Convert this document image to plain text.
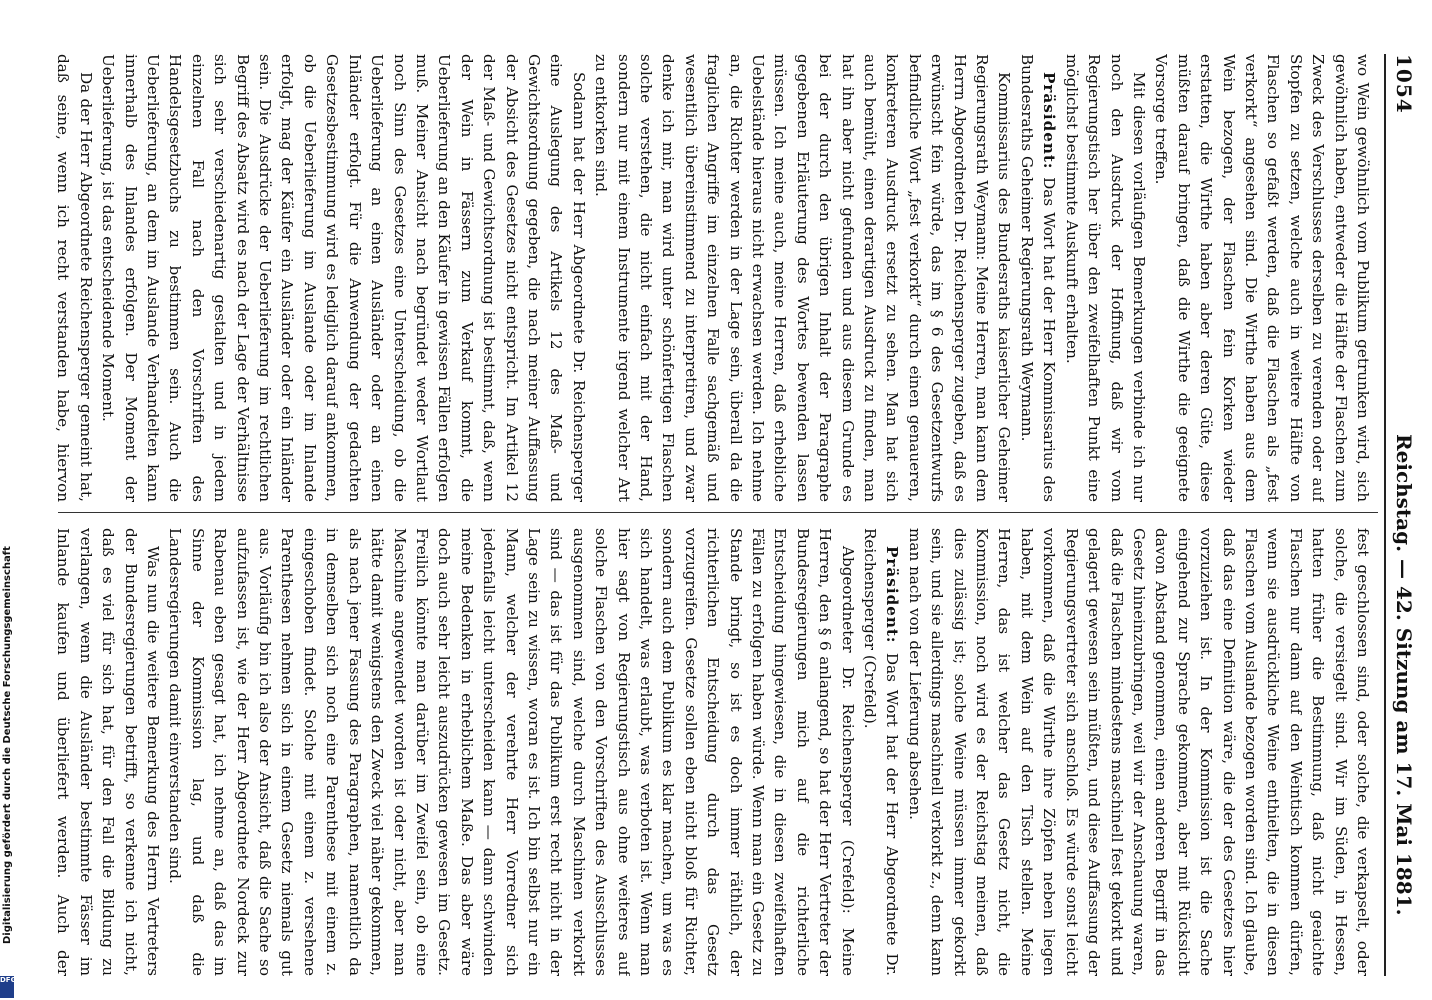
Digitalisierung gefördert durch die Deutsche Forschungsgemeinschaft
DFG
1054
Reichstag. — 42. Sitzung am 17. Mai 1881.

wo Wein gewöhnlich vom Publikum getrunken wird, sich gewöhnlich haben, entweder die Hälfte der Flaschen zum Zweck des Verschlusses derselben zu verenden oder auf Stopfen zu setzen, welche auch in weitere Hälfte von Flaschen so gefaßt werden, daß die Flaschen als „fest verkorkt“ angesehen sind. Die Wirthe haben aus dem Wein bezogen, der Flaschen fein Korken wieder erstatten, die Wirthe haben aber deren Güte, diese müßten darauf bringen, daß die Wirthe die geeignete Vorsorge treffen.

Mit diesen vorläufigen Bemerkungen verbinde ich nur noch den Ausdruck der Hoffnung, daß wir vom Regierungstisch her über den zweifelhaften Punkt eine möglichst bestimmte Auskunft erhalten.

Präsident: Das Wort hat der Herr Kommissarius des Bundesraths Geheimer Regierungsrath Weymann.

Kommissarius des Bundesraths kaiserlicher Geheimer Regierungsrath Weymann: Meine Herren, man kann dem Herrn Abgeordneten Dr. Reichensperger zugeben, daß es erwünscht fein würde, das im § 6 des Gesetzentwurfs befindliche Wort „fest verkorkt“ durch einen genaueren, konkreteren Ausdruck ersetzt zu sehen. Man hat sich auch bemüht, einen derartigen Ausdruck zu finden, man hat ihn aber nicht gefunden und aus diesem Grunde es bei der durch den übrigen Inhalt der Paragraphe gegebenen Erläuterung des Wortes bewenden lassen müssen. Ich meine auch, meine Herren, daß erhebliche Uebelstände hieraus nicht erwachsen werden. Ich nehme an, die Richter werden in der Lage sein, überall da die fraglichen Angriffe im einzelnen Falle sachgemäß und wesentlich übereinstimmend zu interpretiren, und zwar denke ich mir, man wird unter schönfertigen Flaschen solche verstehen, die nicht einfach mit der Hand, sondern nur mit einem Instrumente irgend welcher Art zu entkorken sind.

Sodann hat der Herr Abgeordnete Dr. Reichensperger eine Auslegung des Artikels 12 des Maß- und Gewichtsordnung gegeben, die nach meiner Auffassung der Absicht des Gesetzes nicht entspricht. Im Artikel 12 der Maß- und Gewichtsordnung ist bestimmt, daß, wenn der Wein in Fässern zum Verkauf kommt, die Ueberlieferung an den Käufer in gewissen Fällen erfolgen muß. Meiner Ansicht nach begründet weder Wortlaut noch Sinn des Gesetzes eine Unterscheidung, ob die Ueberlieferung an einen Ausländer oder an einen Inländer erfolgt. Für die Anwendung der gedachten Gesetzesbestimmung wird es lediglich darauf ankommen, ob die Ueberlieferung im Auslande oder im Inlande erfolgt, mag der Käufer ein Ausländer oder ein Inländer sein. Die Ausdrücke der Ueberlieferung im rechtlichen Begriff des Absatz wird es nach der Lage der Verhältnisse sich sehr verschiedenartig gestalten und in jedem einzelnen Fall nach den Vorschriften des Handelsgesetzbuchs zu bestimmen sein. Auch die Ueberlieferung, an dem im Auslande Verhandelten kann innerhalb des Inlandes erfolgen. Der Moment der Ueberlieferung, ist das entscheidende Moment.

Da der Herr Abgeordnete Reichensperger gemeint hat, daß seine, wenn ich recht verstanden habe, hiervon

fest geschlossen sind, oder solche, die verkapselt, oder solche, die versiegelt sind. Wir im Süden, in Hessen, hatten früher die Bestimmung, daß nicht geaichte Flaschen nur dann auf den Weintisch kommen dürfen, wenn sie ausdrückliche Weine enthielten, die in diesen Flaschen vom Auslande bezogen worden sind. Ich glaube, daß das eine Definition wäre, die der des Gesetzes hier vorzuziehen ist. In der Kommission ist die Sache eingehend zur Sprache gekommen, aber mit Rücksicht davon Abstand genommen, einen anderen Begriff in das Gesetz hineinzubringen, weil wir der Anschauung waren, daß die Flaschen mindestens maschinell fest gekorkt und gelagert gewesen sein müßten, und diese Auffassung der Regierungsvertreter sich anschloß. Es würde sonst leicht vorkommen, daß die Wirthe ihre Zöpfen neben liegen haben, mit dem Wein auf den Tisch stellen. Meine Herren, das ist welcher das Gesetz nicht, die Kommission, noch wird es der Reichstag meinen, daß dies zulässig ist; solche Weine müssen immer gekorkt sein, und sie allerdings maschinell verkorkt z., denn kann man nach von der Lieferung absehen.

Präsident: Das Wort hat der Herr Abgeordnete Dr. Reichensperger (Crefeld).

Abgeordneter Dr. Reichensperger (Crefeld): Meine Herren, den § 6 anlangend, so hat der Herr Vertreter der Bundesregierungen mich auf die richterliche Entscheidung hingewiesen, die in diesen zweifelhaften Fällen zu erfolgen haben würde. Wenn man ein Gesetz zu Stande bringt, so ist es doch immer räthlich, der richterlichen Entscheidung durch das Gesetz vorzugreifen. Gesetze sollen eben nicht bloß für Richter, sondern auch dem Publikum es klar machen, um was es sich handelt, was erlaubt, was verboten ist. Wenn man hier sagt von Regierungstisch aus ohne weiteres auf solche Flaschen von den Vorschriften des Ausschlusses ausgenommen sind, welche durch Maschinen verkorkt sind — das ist für das Publikum erst recht nicht in der Lage sein zu wissen, woran es ist. Ich bin selbst nur ein Mann, welcher der verehrte Herr Vorredner sich jedenfalls leicht unterscheiden kann — dann schwinden meine Bedenken in erheblichem Maße. Das aber wäre doch auch sehr leicht auszudrücken gewesen im Gesetz. Freilich könnte man darüber im Zweifel sein, ob eine Maschine angewendet worden ist oder nicht, aber man hätte damit wenigstens den Zweck viel näher gekommen, als nach jener Fassung des Paragraphen, namentlich da in demselben sich noch eine Parenthese mit einem z. eingeschoben findet. Solche mit einem z. versehene Parenthesen nehmen sich in einem Gesetz niemals gut aus. Vorläufig bin ich also der Ansicht, daß die Sache so aufzufassen ist, wie der Herr Abgeordnete Nordeck zur Rabenau eben gesagt hat, ich nehme an, daß das im Sinne der Kommission lag, und daß die Landesregierungen damit einverstanden sind.

Was nun die weitere Bemerkung des Herrn Vertreters der Bundesregierungen betrifft, so verkenne ich nicht, daß es viel für sich hat, für den Fall die Bildung zu verlangen, wenn die Ausländer bestimmte Fässer im Inlande kaufen und überliefert werden. Auch der
